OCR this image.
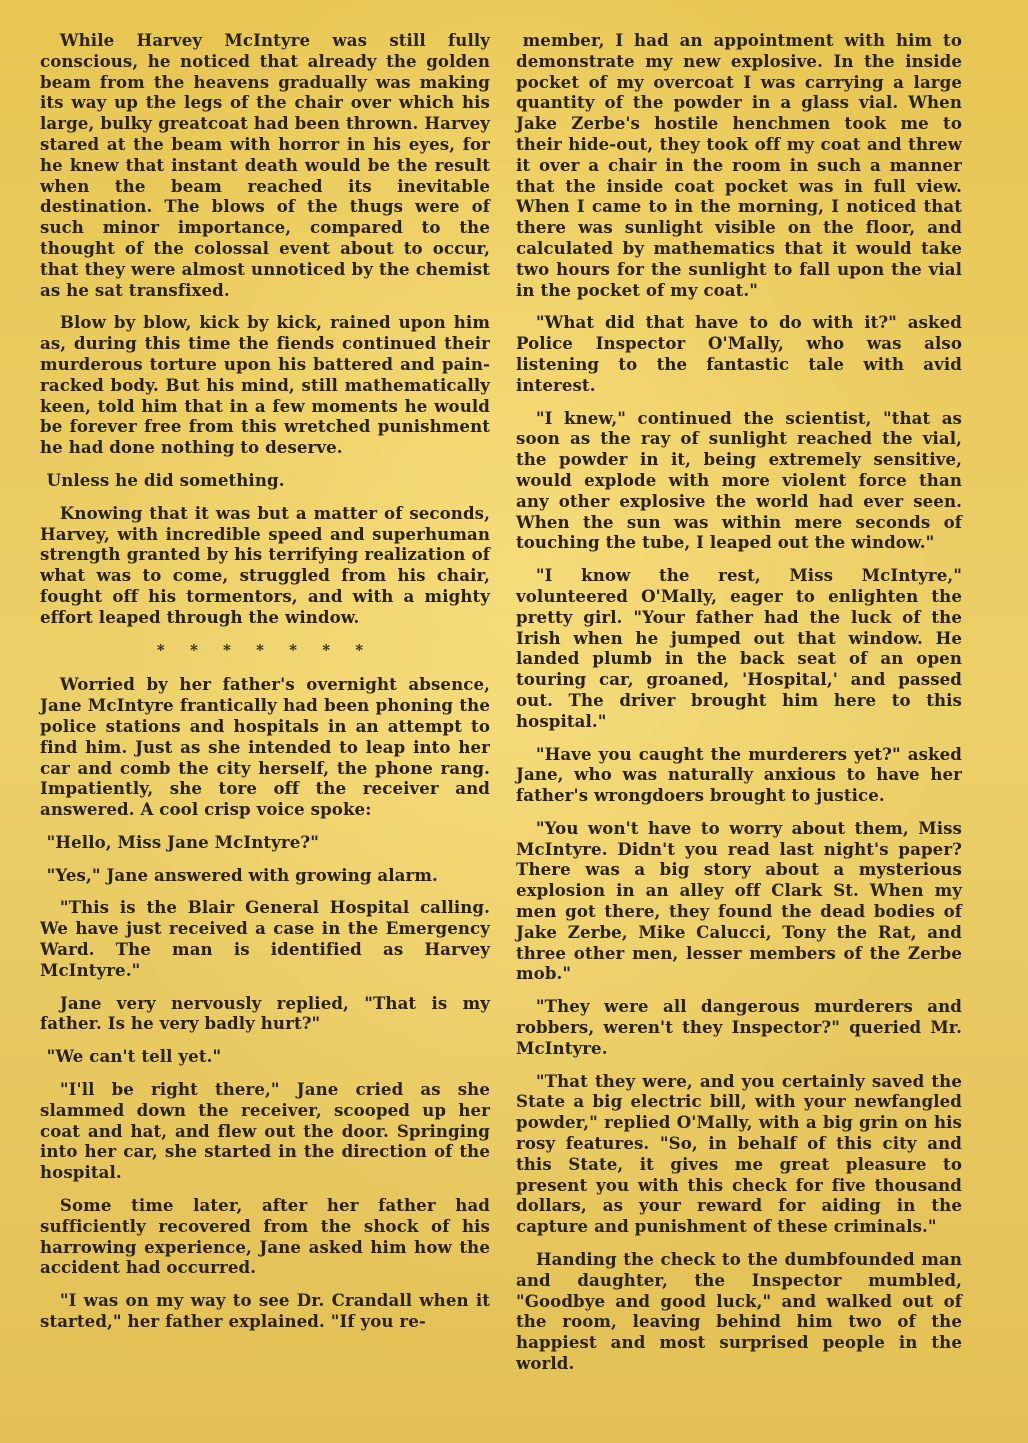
While Harvey McIntyre was still fully conscious, he noticed that already the golden beam from the heavens gradually was making its way up the legs of the chair over which his large, bulky greatcoat had been thrown. Harvey stared at the beam with horror in his eyes, for he knew that instant death would be the result when the beam reached its inevitable destination. The blows of the thugs were of such minor importance, compared to the thought of the colossal event about to occur, that they were almost unnoticed by the chemist as he sat transfixed.

Blow by blow, kick by kick, rained upon him as, during this time the fiends continued their murderous torture upon his battered and pain-racked body. But his mind, still mathematically keen, told him that in a few moments he would be forever free from this wretched punishment he had done nothing to deserve.

Unless he did something.

Knowing that it was but a matter of seconds, Harvey, with incredible speed and superhuman strength granted by his terrifying realization of what was to come, struggled from his chair, fought off his tormentors, and with a mighty effort leaped through the window.

* * * * * * *

Worried by her father's overnight absence, Jane McIntyre frantically had been phoning the police stations and hospitals in an attempt to find him. Just as she intended to leap into her car and comb the city herself, the phone rang. Impatiently, she tore off the receiver and answered. A cool crisp voice spoke:

"Hello, Miss Jane McIntyre?"

"Yes," Jane answered with growing alarm.

"This is the Blair General Hospital calling. We have just received a case in the Emergency Ward. The man is identified as Harvey McIntyre."

Jane very nervously replied, "That is my father. Is he very badly hurt?"

"We can't tell yet."

"I'll be right there," Jane cried as she slammed down the receiver, scooped up her coat and hat, and flew out the door. Springing into her car, she started in the direction of the hospital.

Some time later, after her father had sufficiently recovered from the shock of his harrowing experience, Jane asked him how the accident had occurred.

"I was on my way to see Dr. Crandall when it started," her father explained. "If you re-

member, I had an appointment with him to demonstrate my new explosive. In the inside pocket of my overcoat I was carrying a large quantity of the powder in a glass vial. When Jake Zerbe's hostile henchmen took me to their hide-out, they took off my coat and threw it over a chair in the room in such a manner that the inside coat pocket was in full view. When I came to in the morning, I noticed that there was sunlight visible on the floor, and calculated by mathematics that it would take two hours for the sunlight to fall upon the vial in the pocket of my coat."

"What did that have to do with it?" asked Police Inspector O'Mally, who was also listening to the fantastic tale with avid interest.

"I knew," continued the scientist, "that as soon as the ray of sunlight reached the vial, the powder in it, being extremely sensitive, would explode with more violent force than any other explosive the world had ever seen. When the sun was within mere seconds of touching the tube, I leaped out the window."

"I know the rest, Miss McIntyre," volunteered O'Mally, eager to enlighten the pretty girl. "Your father had the luck of the Irish when he jumped out that window. He landed plumb in the back seat of an open touring car, groaned, 'Hospital,' and passed out. The driver brought him here to this hospital."

"Have you caught the murderers yet?" asked Jane, who was naturally anxious to have her father's wrongdoers brought to justice.

"You won't have to worry about them, Miss McIntyre. Didn't you read last night's paper? There was a big story about a mysterious explosion in an alley off Clark St. When my men got there, they found the dead bodies of Jake Zerbe, Mike Calucci, Tony the Rat, and three other men, lesser members of the Zerbe mob."

"They were all dangerous murderers and robbers, weren't they Inspector?" queried Mr. McIntyre.

"That they were, and you certainly saved the State a big electric bill, with your newfangled powder," replied O'Mally, with a big grin on his rosy features. "So, in behalf of this city and this State, it gives me great pleasure to present you with this check for five thousand dollars, as your reward for aiding in the capture and punishment of these criminals."

Handing the check to the dumbfounded man and daughter, the Inspector mumbled, "Goodbye and good luck," and walked out of the room, leaving behind him two of the happiest and most surprised people in the world.
